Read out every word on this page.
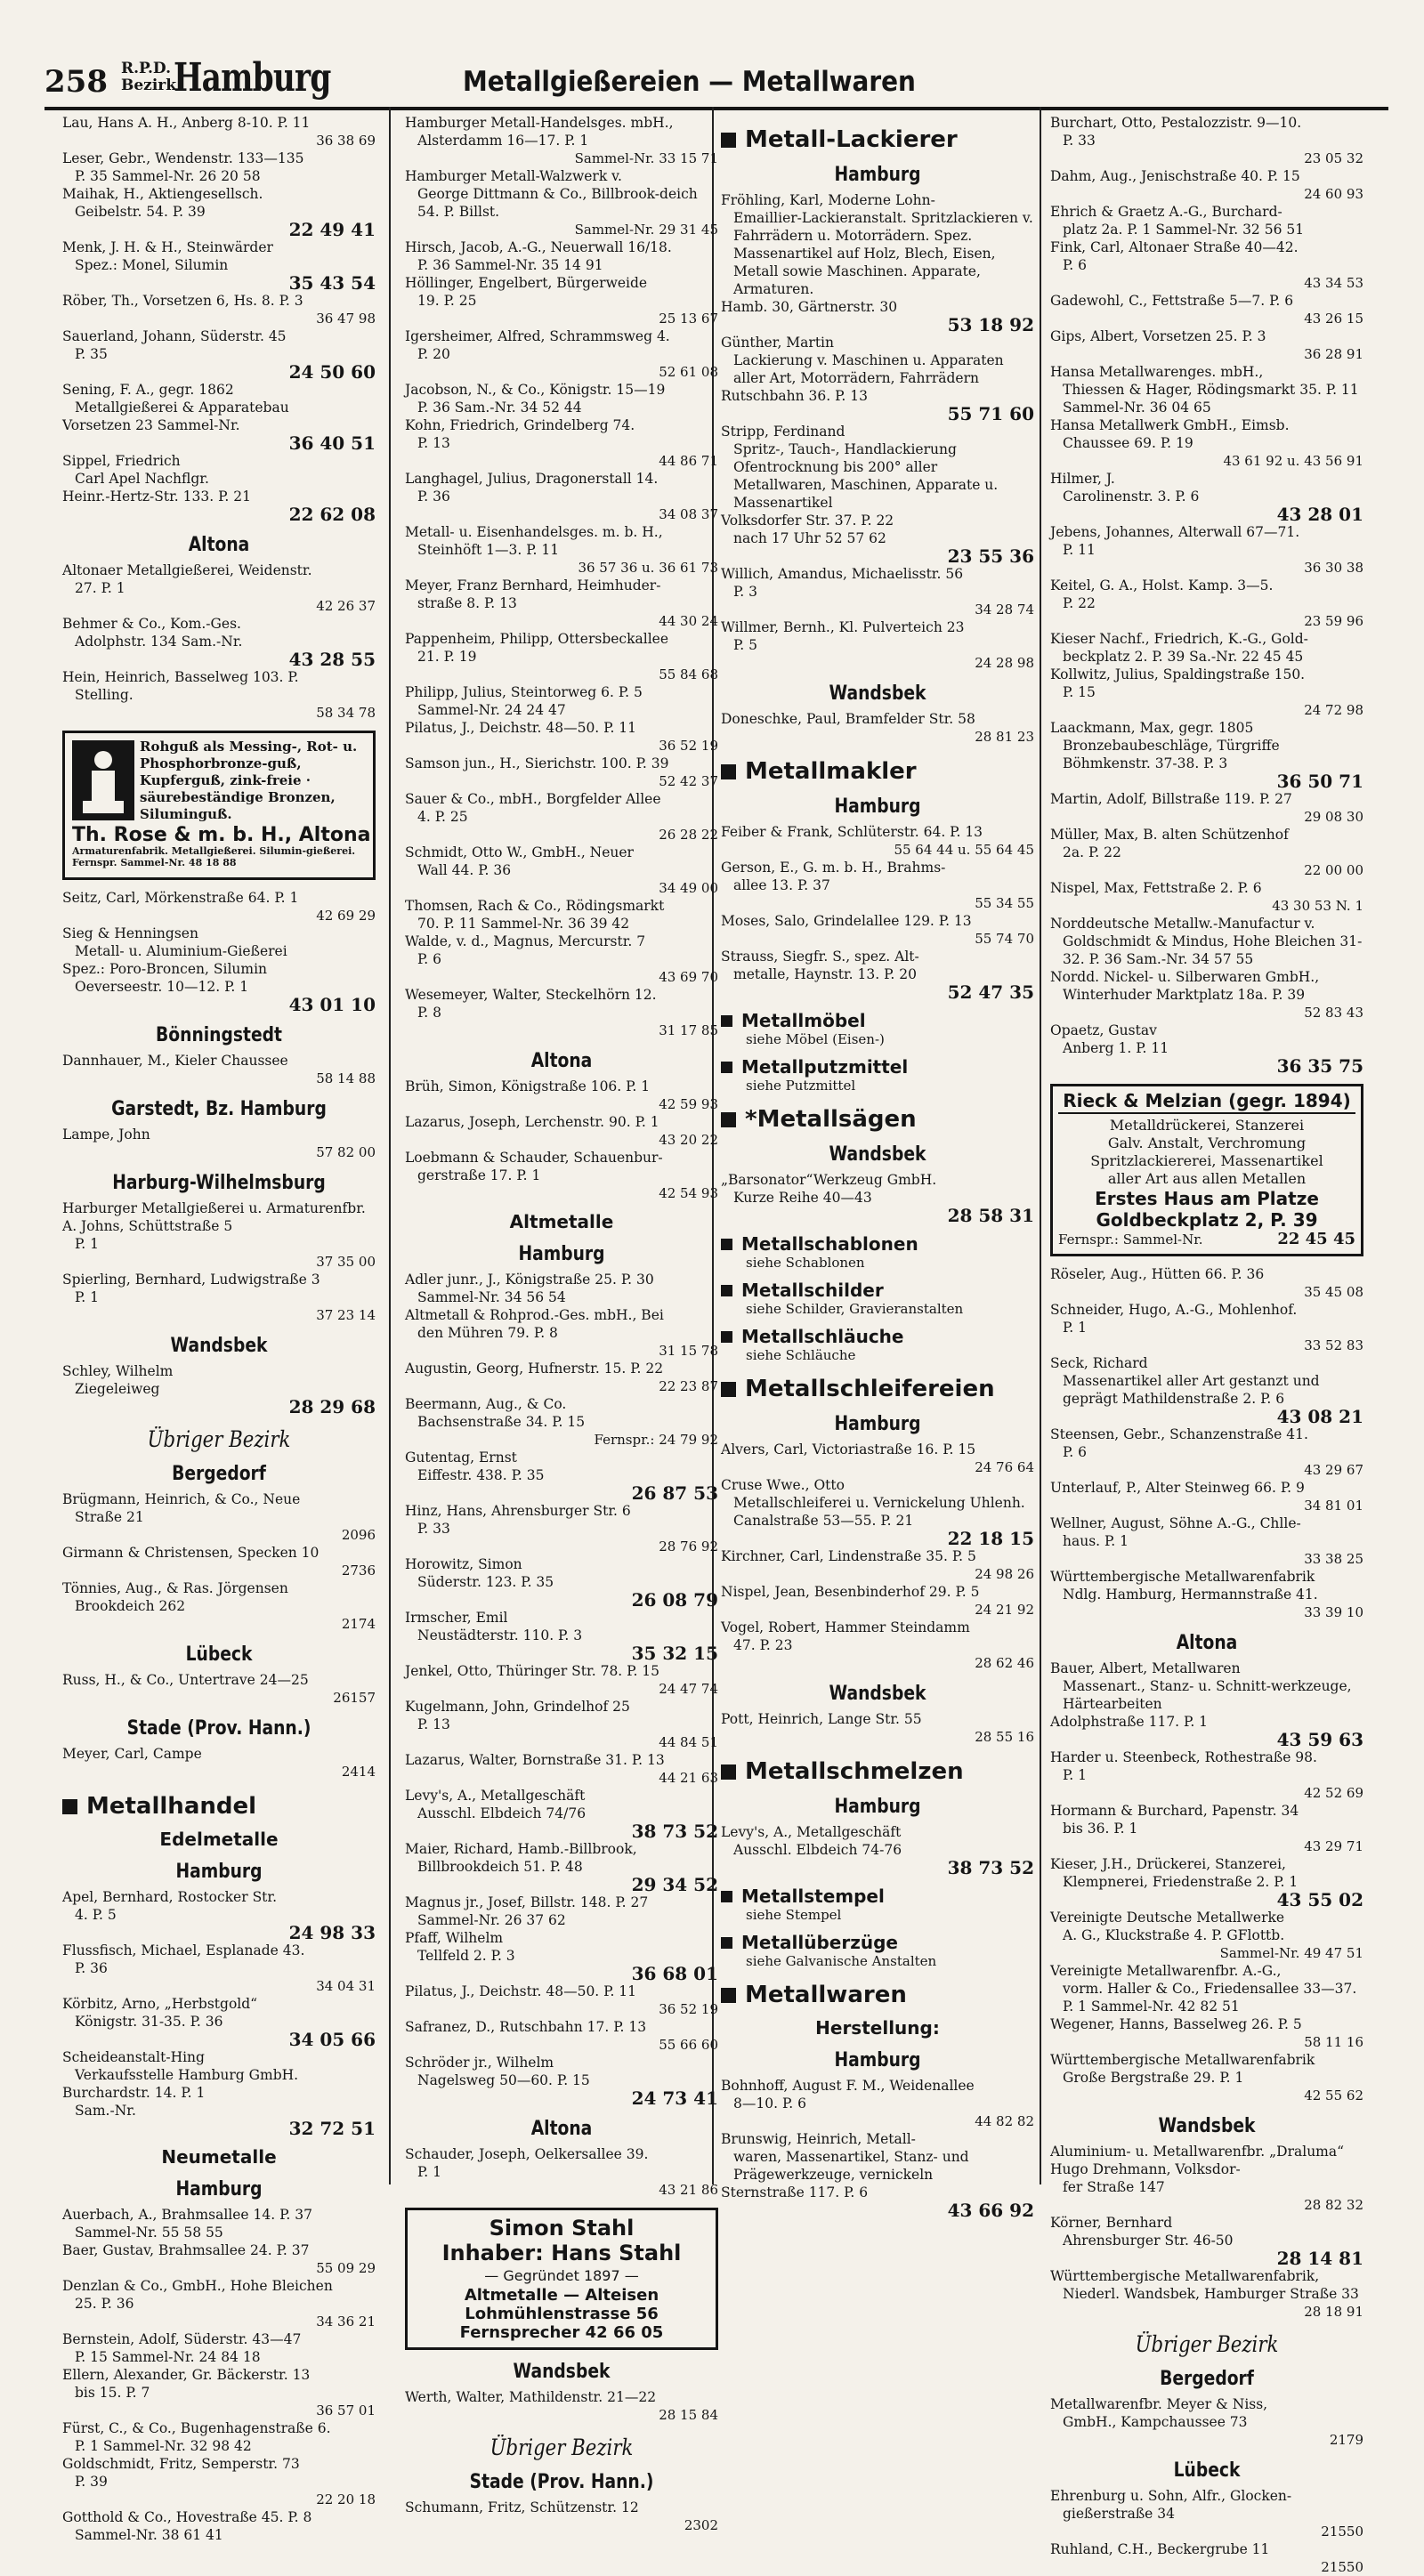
258 R.P.D.
Bezirk
Hamburg	Metallgießereien — Metallwaren
Lau, Hans A. H., Anberg 8-10. P. 11
36 38 69
Leser, Gebr., Wendenstr. 133—135
P. 35 Sammel-Nr. 26 20 58
Maihak, H., Aktiengesellsch.
Geibelstr. 54. P. 39
22 49 41
Menk, J. H. & H., Steinwärder
Spez.: Monel, Silumin
35 43 54
Röber, Th., Vorsetzen 6, Hs. 8. P. 3
36 47 98
Sauerland, Johann, Süderstr. 45
P. 35
24 50 60
Sening, F. A., gegr. 1862
Metallgießerei & Apparatebau
Vorsetzen 23 Sammel-Nr.
36 40 51
Sippel, Friedrich
Carl Apel Nachflgr.
Heinr.-Hertz-Str. 133. P. 21
22 62 08
Altona
Altonaer Metallgießerei, Weidenstr.
27. P. 1
42 26 37
Behmer & Co., Kom.-Ges.
Adolphstr. 134 Sam.-Nr.
43 28 55
Hein, Heinrich, Basselweg 103. P.
Stelling.
58 34 78
Rohguß als Messing-, Rot- u. Phosphorbronze-guß, Kupferguß, zink-freie · säurebeständige Bronzen, Siluminguß.
Th. Rose & m. b. H., Altona
Armaturenfabrik. Metallgießerei. Silumin-gießerei. Fernspr. Sammel-Nr. 48 18 88
Seitz, Carl, Mörkenstraße 64. P. 1
42 69 29
Sieg & Henningsen
Metall- u. Aluminium-Gießerei
Spez.: Poro-Broncen, Silumin
Oeverseestr. 10—12. P. 1
43 01 10
Bönningstedt
Dannhauer, M., Kieler Chaussee
58 14 88
Garstedt, Bz. Hamburg
Lampe, John
57 82 00
Harburg-Wilhelmsburg
Harburger Metallgießerei u. Armaturenfbr. A. Johns, Schüttstraße 5
P. 1
37 35 00
Spierling, Bernhard, Ludwigstraße 3
P. 1
37 23 14
Wandsbek
Schley, Wilhelm
Ziegeleiweg
28 29 68
Übriger Bezirk
Bergedorf
Brügmann, Heinrich, & Co., Neue
Straße 21
2096
Girmann & Christensen, Specken 10
2736
Tönnies, Aug., & Ras. Jörgensen
Brookdeich 262
2174
Lübeck
Russ, H., & Co., Untertrave 24—25
26157
Stade (Prov. Hann.)
Meyer, Carl, Campe
2414
Metallhandel
Edelmetalle
Hamburg
Apel, Bernhard, Rostocker Str.
4. P. 5
24 98 33
Flussfisch, Michael, Esplanade 43.
P. 36
34 04 31
Körbitz, Arno, „Herbstgold“
Königstr. 31-35. P. 36
34 05 66
Scheideanstalt-Hing
Verkaufsstelle Hamburg GmbH.
Burchardstr. 14. P. 1
Sam.-Nr.
32 72 51
Neumetalle
Hamburg
Auerbach, A., Brahmsallee 14. P. 37
Sammel-Nr. 55 58 55
Baer, Gustav, Brahmsallee 24. P. 37
55 09 29
Denzlan & Co., GmbH., Hohe Bleichen
25. P. 36
34 36 21
Bernstein, Adolf, Süderstr. 43—47
P. 15 Sammel-Nr. 24 84 18
Ellern, Alexander, Gr. Bäckerstr. 13
bis 15. P. 7
36 57 01
Fürst, C., & Co., Bugenhagenstraße 6.
P. 1 Sammel-Nr. 32 98 42
Goldschmidt, Fritz, Semperstr. 73
P. 39
22 20 18
Gotthold & Co., Hovestraße 45. P. 8
Sammel-Nr. 38 61 41
Hamburger Metall-Handelsges. mbH.,
Alsterdamm 16—17. P. 1
Sammel-Nr. 33 15 71
Hamburger Metall-Walzwerk v.
George Dittmann & Co., Billbrook-deich 54. P. Billst.
Sammel-Nr. 29 31 45
Hirsch, Jacob, A.-G., Neuerwall 16/18.
P. 36 Sammel-Nr. 35 14 91
Höllinger, Engelbert, Bürgerweide
19. P. 25
25 13 67
Igersheimer, Alfred, Schrammsweg 4.
P. 20
52 61 08
Jacobson, N., & Co., Königstr. 15—19
P. 36 Sam.-Nr. 34 52 44
Kohn, Friedrich, Grindelberg 74.
P. 13
44 86 71
Langhagel, Julius, Dragonerstall 14.
P. 36
34 08 37
Metall- u. Eisenhandelsges. m. b. H.,
Steinhöft 1—3. P. 11
36 57 36 u. 36 61 73
Meyer, Franz Bernhard, Heimhuder-
straße 8. P. 13
44 30 24
Pappenheim, Philipp, Ottersbeckallee
21. P. 19
55 84 68
Philipp, Julius, Steintorweg 6. P. 5
Sammel-Nr. 24 24 47
Pilatus, J., Deichstr. 48—50. P. 11
36 52 19
Samson jun., H., Sierichstr. 100. P. 39
52 42 37
Sauer & Co., mbH., Borgfelder Allee
4. P. 25
26 28 22
Schmidt, Otto W., GmbH., Neuer
Wall 44. P. 36
34 49 00
Thomsen, Rach & Co., Rödingsmarkt
70. P. 11 Sammel-Nr. 36 39 42
Walde, v. d., Magnus, Mercurstr. 7
P. 6
43 69 70
Wesemeyer, Walter, Steckelhörn 12.
P. 8
31 17 85
Altona
Brüh, Simon, Königstraße 106. P. 1
42 59 93
Lazarus, Joseph, Lerchenstr. 90. P. 1
43 20 22
Loebmann & Schauder, Schauenbur-
gerstraße 17. P. 1
42 54 93
Altmetalle
Hamburg
Adler junr., J., Königstraße 25. P. 30
Sammel-Nr. 34 56 54
Altmetall & Rohprod.-Ges. mbH., Bei
den Mühren 79. P. 8
31 15 78
Augustin, Georg, Hufnerstr. 15. P. 22
22 23 87
Beermann, Aug., & Co.
Bachsenstraße 34. P. 15
Fernspr.: 24 79 92
Gutentag, Ernst
Eiffestr. 438. P. 35
26 87 53
Hinz, Hans, Ahrensburger Str. 6
P. 33
28 76 92
Horowitz, Simon
Süderstr. 123. P. 35
26 08 79
Irmscher, Emil
Neustädterstr. 110. P. 3
35 32 15
Jenkel, Otto, Thüringer Str. 78. P. 15
24 47 74
Kugelmann, John, Grindelhof 25
P. 13
44 84 51
Lazarus, Walter, Bornstraße 31. P. 13
44 21 63
Levy's, A., Metallgeschäft
Ausschl. Elbdeich 74/76
38 73 52
Maier, Richard, Hamb.-Billbrook,
Billbrookdeich 51. P. 48
29 34 52
Magnus jr., Josef, Billstr. 148. P. 27
Sammel-Nr. 26 37 62
Pfaff, Wilhelm
Tellfeld 2. P. 3
36 68 01
Pilatus, J., Deichstr. 48—50. P. 11
36 52 19
Safranez, D., Rutschbahn 17. P. 13
55 66 60
Schröder jr., Wilhelm
Nagelsweg 50—60. P. 15
24 73 41
Altona
Schauder, Joseph, Oelkersallee 39.
P. 1
43 21 86
Simon Stahl
Inhaber: Hans Stahl
— Gegründet 1897 —
Altmetalle — Alteisen
Lohmühlenstrasse 56
Fernsprecher 42 66 05
Wandsbek
Werth, Walter, Mathildenstr. 21—22
28 15 84
Übriger Bezirk
Stade (Prov. Hann.)
Schumann, Fritz, Schützenstr. 12
2302
Metall-Lackierer
Hamburg
Fröhling, Karl, Moderne Lohn-
Emaillier-Lackieranstalt. Spritzlackieren v. Fahrrädern u. Motorrädern. Spez. Massenartikel auf Holz, Blech, Eisen, Metall sowie Maschinen. Apparate, Armaturen.
Hamb. 30, Gärtnerstr. 30
53 18 92
Günther, Martin
Lackierung v. Maschinen u. Apparaten aller Art, Motorrädern, Fahrrädern
Rutschbahn 36. P. 13
55 71 60
Stripp, Ferdinand
Spritz-, Tauch-, Handlackierung Ofentrocknung bis 200° aller Metallwaren, Maschinen, Apparate u. Massenartikel
Volksdorfer Str. 37. P. 22
nach 17 Uhr 52 57 62
23 55 36
Willich, Amandus, Michaelisstr. 56
P. 3
34 28 74
Willmer, Bernh., Kl. Pulverteich 23
P. 5
24 28 98
Wandsbek
Doneschke, Paul, Bramfelder Str. 58
28 81 23
Metallmakler
Hamburg
Feiber & Frank, Schlüterstr. 64. P. 13
55 64 44 u. 55 64 45
Gerson, E., G. m. b. H., Brahms-
allee 13. P. 37
55 34 55
Moses, Salo, Grindelallee 129. P. 13
55 74 70
Strauss, Siegfr. S., spez. Alt-
metalle, Haynstr. 13. P. 20
52 47 35
Metallmöbel
siehe Möbel (Eisen-)
Metallputzmittel
siehe Putzmittel
*Metallsägen
Wandsbek
„Barsonator“Werkzeug GmbH.
Kurze Reihe 40—43
28 58 31
Metallschablonen
siehe Schablonen
Metallschilder
siehe Schilder, Gravieranstalten
Metallschläuche
siehe Schläuche
Metallschleifereien
Hamburg
Alvers, Carl, Victoriastraße 16. P. 15
24 76 64
Cruse Wwe., Otto
Metallschleiferei u. Vernickelung Uhlenh. Canalstraße 53—55. P. 21
22 18 15
Kirchner, Carl, Lindenstraße 35. P. 5
24 98 26
Nispel, Jean, Besenbinderhof 29. P. 5
24 21 92
Vogel, Robert, Hammer Steindamm
47. P. 23
28 62 46
Wandsbek
Pott, Heinrich, Lange Str. 55
28 55 16
Metallschmelzen
Hamburg
Levy's, A., Metallgeschäft
Ausschl. Elbdeich 74-76
38 73 52
Metallstempel
siehe Stempel
Metallüberzüge
siehe Galvanische Anstalten
Metallwaren
Herstellung:
Hamburg
Bohnhoff, August F. M., Weidenallee
8—10. P. 6
44 82 82
Brunswig, Heinrich, Metall-
waren, Massenartikel, Stanz- und Prägewerkzeuge, vernickeln
Sternstraße 117. P. 6
43 66 92
Burchart, Otto, Pestalozzistr. 9—10.
P. 33
23 05 32
Dahm, Aug., Jenischstraße 40. P. 15
24 60 93
Ehrich & Graetz A.-G., Burchard-
platz 2a. P. 1 Sammel-Nr. 32 56 51
Fink, Carl, Altonaer Straße 40—42.
P. 6
43 34 53
Gadewohl, C., Fettstraße 5—7. P. 6
43 26 15
Gips, Albert, Vorsetzen 25. P. 3
36 28 91
Hansa Metallwarenges. mbH.,
Thiessen & Hager, Rödingsmarkt 35. P. 11 Sammel-Nr. 36 04 65
Hansa Metallwerk GmbH., Eimsb.
Chaussee 69. P. 19
43 61 92 u. 43 56 91
Hilmer, J.
Carolinenstr. 3. P. 6
43 28 01
Jebens, Johannes, Alterwall 67—71.
P. 11
36 30 38
Keitel, G. A., Holst. Kamp. 3—5.
P. 22
23 59 96
Kieser Nachf., Friedrich, K.-G., Gold-
beckplatz 2. P. 39 Sa.-Nr. 22 45 45
Kollwitz, Julius, Spaldingstraße 150.
P. 15
24 72 98
Laackmann, Max, gegr. 1805
Bronzebaubeschläge, Türgriffe Böhmkenstr. 37-38. P. 3
36 50 71
Martin, Adolf, Billstraße 119. P. 27
29 08 30
Müller, Max, B. alten Schützenhof
2a. P. 22
22 00 00
Nispel, Max, Fettstraße 2. P. 6
43 30 53 N. 1
Norddeutsche Metallw.-Manufactur v.
Goldschmidt & Mindus, Hohe Bleichen 31-32. P. 36 Sam.-Nr. 34 57 55
Nordd. Nickel- u. Silberwaren GmbH.,
Winterhuder Marktplatz 18a. P. 39
52 83 43
Opaetz, Gustav
Anberg 1. P. 11
36 35 75
Rieck & Melzian (gegr. 1894)
Metalldrückerei, Stanzerei
Galv. Anstalt, Verchromung
Spritzlackiererei, Massenartikel
aller Art aus allen Metallen
Erstes Haus am Platze
Goldbeckplatz 2, P. 39
Fernspr.: Sammel-Nr.	22 45 45
Röseler, Aug., Hütten 66. P. 36
35 45 08
Schneider, Hugo, A.-G., Mohlenhof.
P. 1
33 52 83
Seck, Richard
Massenartikel aller Art gestanzt und geprägt Mathildenstraße 2. P. 6
43 08 21
Steensen, Gebr., Schanzenstraße 41.
P. 6
43 29 67
Unterlauf, P., Alter Steinweg 66. P. 9
34 81 01
Wellner, August, Söhne A.-G., Chlle-
haus. P. 1
33 38 25
Württembergische Metallwarenfabrik
Ndlg. Hamburg, Hermannstraße 41.
33 39 10
Altona
Bauer, Albert, Metallwaren
Massenart., Stanz- u. Schnitt-werkzeuge, Härtearbeiten
Adolphstraße 117. P. 1
43 59 63
Harder u. Steenbeck, Rothestraße 98.
P. 1
42 52 69
Hormann & Burchard, Papenstr. 34
bis 36. P. 1
43 29 71
Kieser, J.H., Drückerei, Stanzerei,
Klempnerei, Friedenstraße 2. P. 1
43 55 02
Vereinigte Deutsche Metallwerke
A. G., Kluckstraße 4. P. GFlottb.
Sammel-Nr. 49 47 51
Vereinigte Metallwarenfbr. A.-G.,
vorm. Haller & Co., Friedensallee 33—37. P. 1 Sammel-Nr. 42 82 51
Wegener, Hanns, Basselweg 26. P. 5
58 11 16
Württembergische Metallwarenfabrik
Große Bergstraße 29. P. 1
42 55 62
Wandsbek
Aluminium- u. Metallwarenfbr. „Draluma“ Hugo Drehmann, Volksdor-
fer Straße 147
28 82 32
Körner, Bernhard
Ahrensburger Str. 46-50
28 14 81
Württembergische Metallwarenfabrik,
Niederl. Wandsbek, Hamburger Straße 33
28 18 91
Übriger Bezirk
Bergedorf
Metallwarenfbr. Meyer & Niss,
GmbH., Kampchaussee 73
2179
Lübeck
Ehrenburg u. Sohn, Alfr., Glocken-
gießerstraße 34
21550
Ruhland, C.H., Beckergrube 11
21550
